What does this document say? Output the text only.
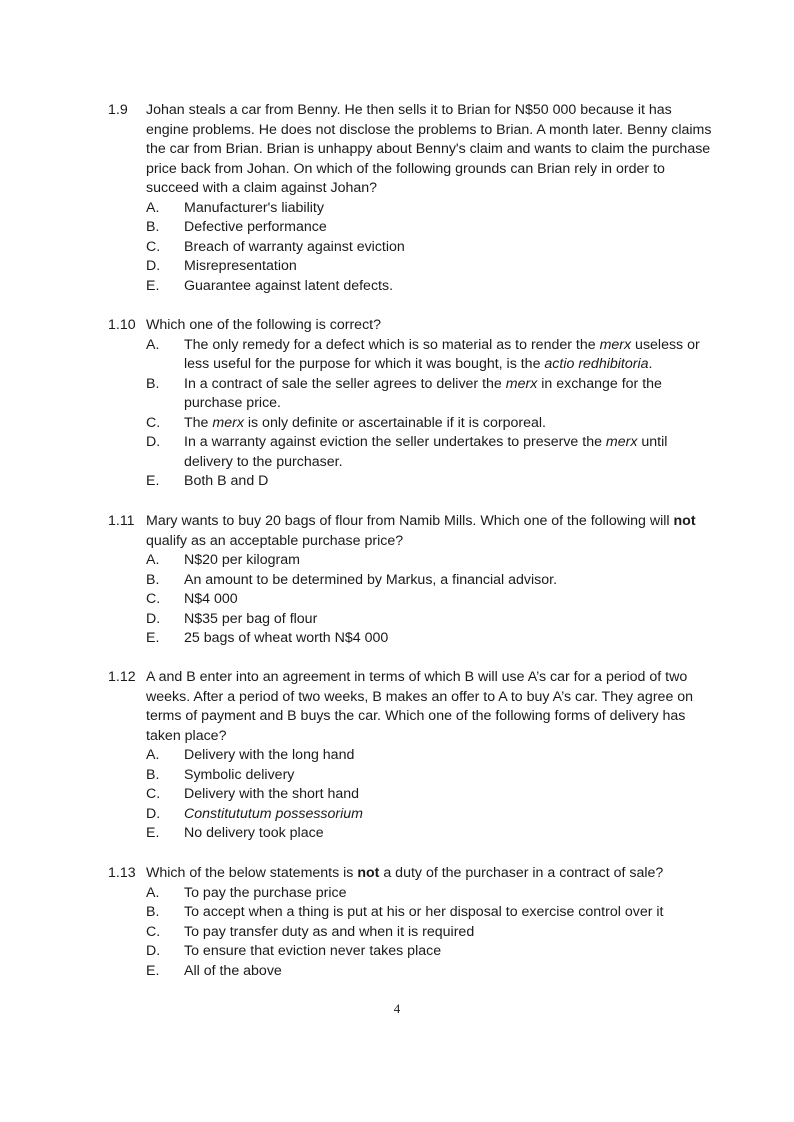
1.9	Johan steals a car from Benny. He then sells it to Brian for N$50 000 because it has engine problems. He does not disclose the problems to Brian. A month later. Benny claims the car from Brian. Brian is unhappy about Benny's claim and wants to claim the purchase price back from Johan. On which of the following grounds can Brian rely in order to succeed with a claim against Johan?
A.	Manufacturer's liability
B.	Defective performance
C.	Breach of warranty against eviction
D.	Misrepresentation
E.	Guarantee against latent defects.
1.10 Which one of the following is correct?
A.	The only remedy for a defect which is so material as to render the merx useless or less useful for the purpose for which it was bought, is the actio redhibitoria.
B.	In a contract of sale the seller agrees to deliver the merx in exchange for the purchase price.
C.	The merx is only definite or ascertainable if it is corporeal.
D.	In a warranty against eviction the seller undertakes to preserve the merx until delivery to the purchaser.
E.	Both B and D
1.11 Mary wants to buy 20 bags of flour from Namib Mills. Which one of the following will not qualify as an acceptable purchase price?
A.	N$20 per kilogram
B.	An amount to be determined by Markus, a financial advisor.
C.	N$4 000
D.	N$35 per bag of flour
E.	25 bags of wheat worth N$4 000
1.12 A and B enter into an agreement in terms of which B will use A’s car for a period of two weeks. After a period of two weeks, B makes an offer to A to buy A’s car. They agree on terms of payment and B buys the car. Which one of the following forms of delivery has taken place?
A.	Delivery with the long hand
B.	Symbolic delivery
C.	Delivery with the short hand
D.	Constitututum possessorium
E.	No delivery took place
1.13 Which of the below statements is not a duty of the purchaser in a contract of sale?
A.	To pay the purchase price
B.	To accept when a thing is put at his or her disposal to exercise control over it
C.	To pay transfer duty as and when it is required
D.	To ensure that eviction never takes place
E.	All of the above
4
